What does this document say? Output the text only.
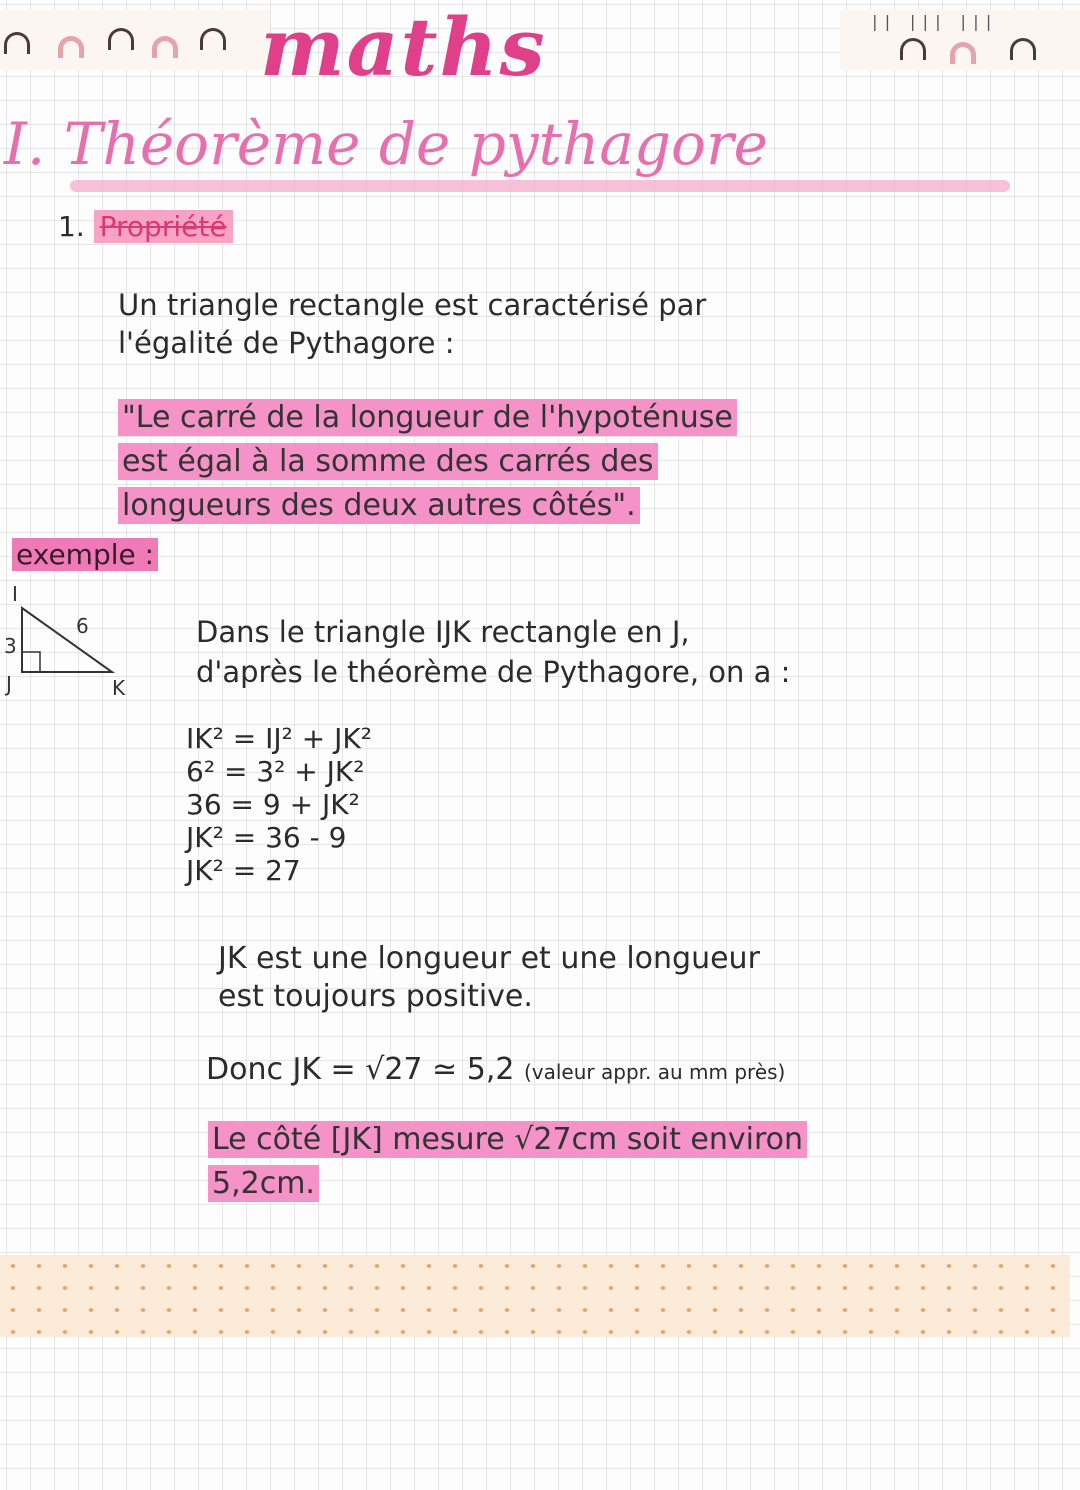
|| ||| |||
maths
I. Théorème de pythagore
1. Propriété
Un triangle rectangle est caractérisé par
l'égalité de Pythagore :
"Le carré de la longueur de l'hypoténuse
est égal à la somme des carrés des
longueurs des deux autres côtés".
exemple :
I
J	K
3
6	Dans le triangle IJK rectangle en J,
d'après le théorème de Pythagore, on a :
IK² = IJ² + JK²
6² = 3² + JK²
36 = 9 + JK²
JK² = 36 - 9
JK² = 27
JK est une longueur et une longueur
est toujours positive.
Donc JK = √27 ≃ 5,2 (valeur appr. au mm près)
Le côté [JK] mesure √27cm soit environ
5,2cm.
